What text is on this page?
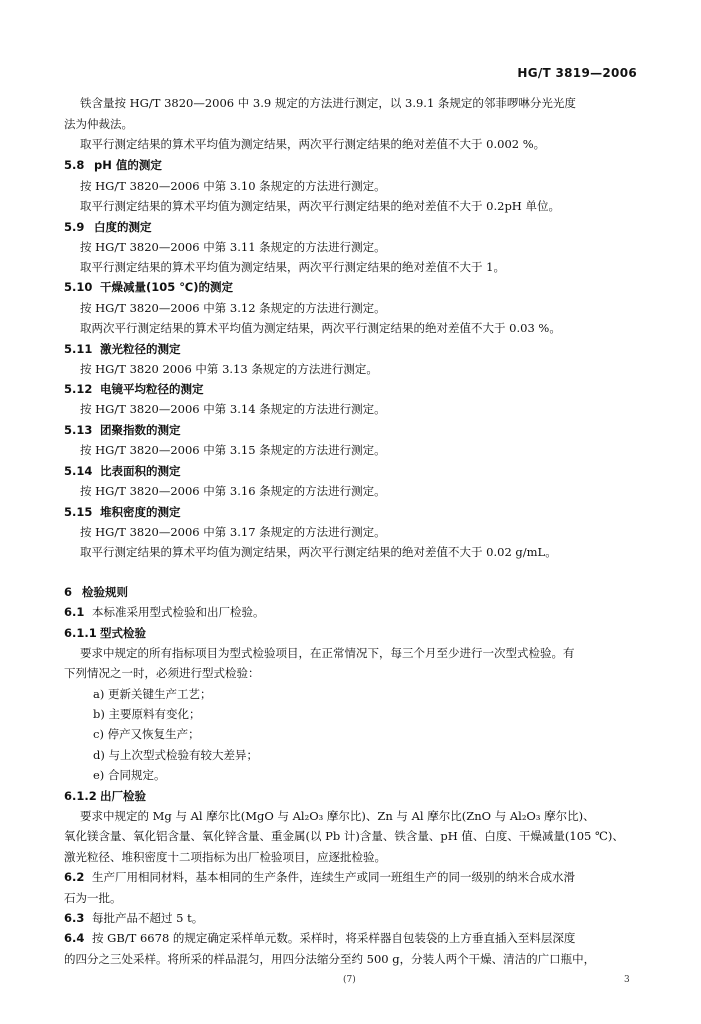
HG/T 3819—2006
铁含量按 HG/T 3820—2006 中 3.9 规定的方法进行测定，以 3.9.1 条规定的邻菲啰啉分光光度
法为仲裁法。
取平行测定结果的算术平均值为测定结果，两次平行测定结果的绝对差值不大于 0.002 %。
5.8 pH 值的测定
按 HG/T 3820—2006 中第 3.10 条规定的方法进行测定。
取平行测定结果的算术平均值为测定结果，两次平行测定结果的绝对差值不大于 0.2pH 单位。
5.9 白度的测定
按 HG/T 3820—2006 中第 3.11 条规定的方法进行测定。
取平行测定结果的算术平均值为测定结果，两次平行测定结果的绝对差值不大于 1。
5.10 干燥减量(105 ℃)的测定
按 HG/T 3820—2006 中第 3.12 条规定的方法进行测定。
取两次平行测定结果的算术平均值为测定结果，两次平行测定结果的绝对差值不大于 0.03 %。
5.11 激光粒径的测定
按 HG/T 3820 2006 中第 3.13 条规定的方法进行测定。
5.12 电镜平均粒径的测定
按 HG/T 3820—2006 中第 3.14 条规定的方法进行测定。
5.13 团聚指数的测定
按 HG/T 3820—2006 中第 3.15 条规定的方法进行测定。
5.14 比表面积的测定
按 HG/T 3820—2006 中第 3.16 条规定的方法进行测定。
5.15 堆积密度的测定
按 HG/T 3820—2006 中第 3.17 条规定的方法进行测定。
取平行测定结果的算术平均值为测定结果，两次平行测定结果的绝对差值不大于 0.02 g/mL。
6 检验规则
6.1 本标准采用型式检验和出厂检验。
6.1.1 型式检验
要求中规定的所有指标项目为型式检验项目，在正常情况下，每三个月至少进行一次型式检验。有
下列情况之一时，必须进行型式检验：
a) 更新关键生产工艺；
b) 主要原料有变化；
c) 停产又恢复生产；
d) 与上次型式检验有较大差异；
e) 合同规定。
6.1.2 出厂检验
要求中规定的 Mg 与 Al 摩尔比(MgO 与 Al₂O₃ 摩尔比)、Zn 与 Al 摩尔比(ZnO 与 Al₂O₃ 摩尔比)、
氧化镁含量、氧化铝含量、氧化锌含量、重金属(以 Pb 计)含量、铁含量、pH 值、白度、干燥减量(105 ℃)、
激光粒径、堆积密度十二项指标为出厂检验项目，应逐批检验。
6.2 生产厂用相同材料，基本相同的生产条件，连续生产或同一班组生产的同一级别的纳米合成水滑
石为一批。
6.3 每批产品不超过 5 t。
6.4 按 GB/T 6678 的规定确定采样单元数。采样时，将采样器自包装袋的上方垂直插入至料层深度
的四分之三处采样。将所采的样品混匀，用四分法缩分至约 500 g，分装人两个干燥、清洁的广口瓶中，
(7)	3
